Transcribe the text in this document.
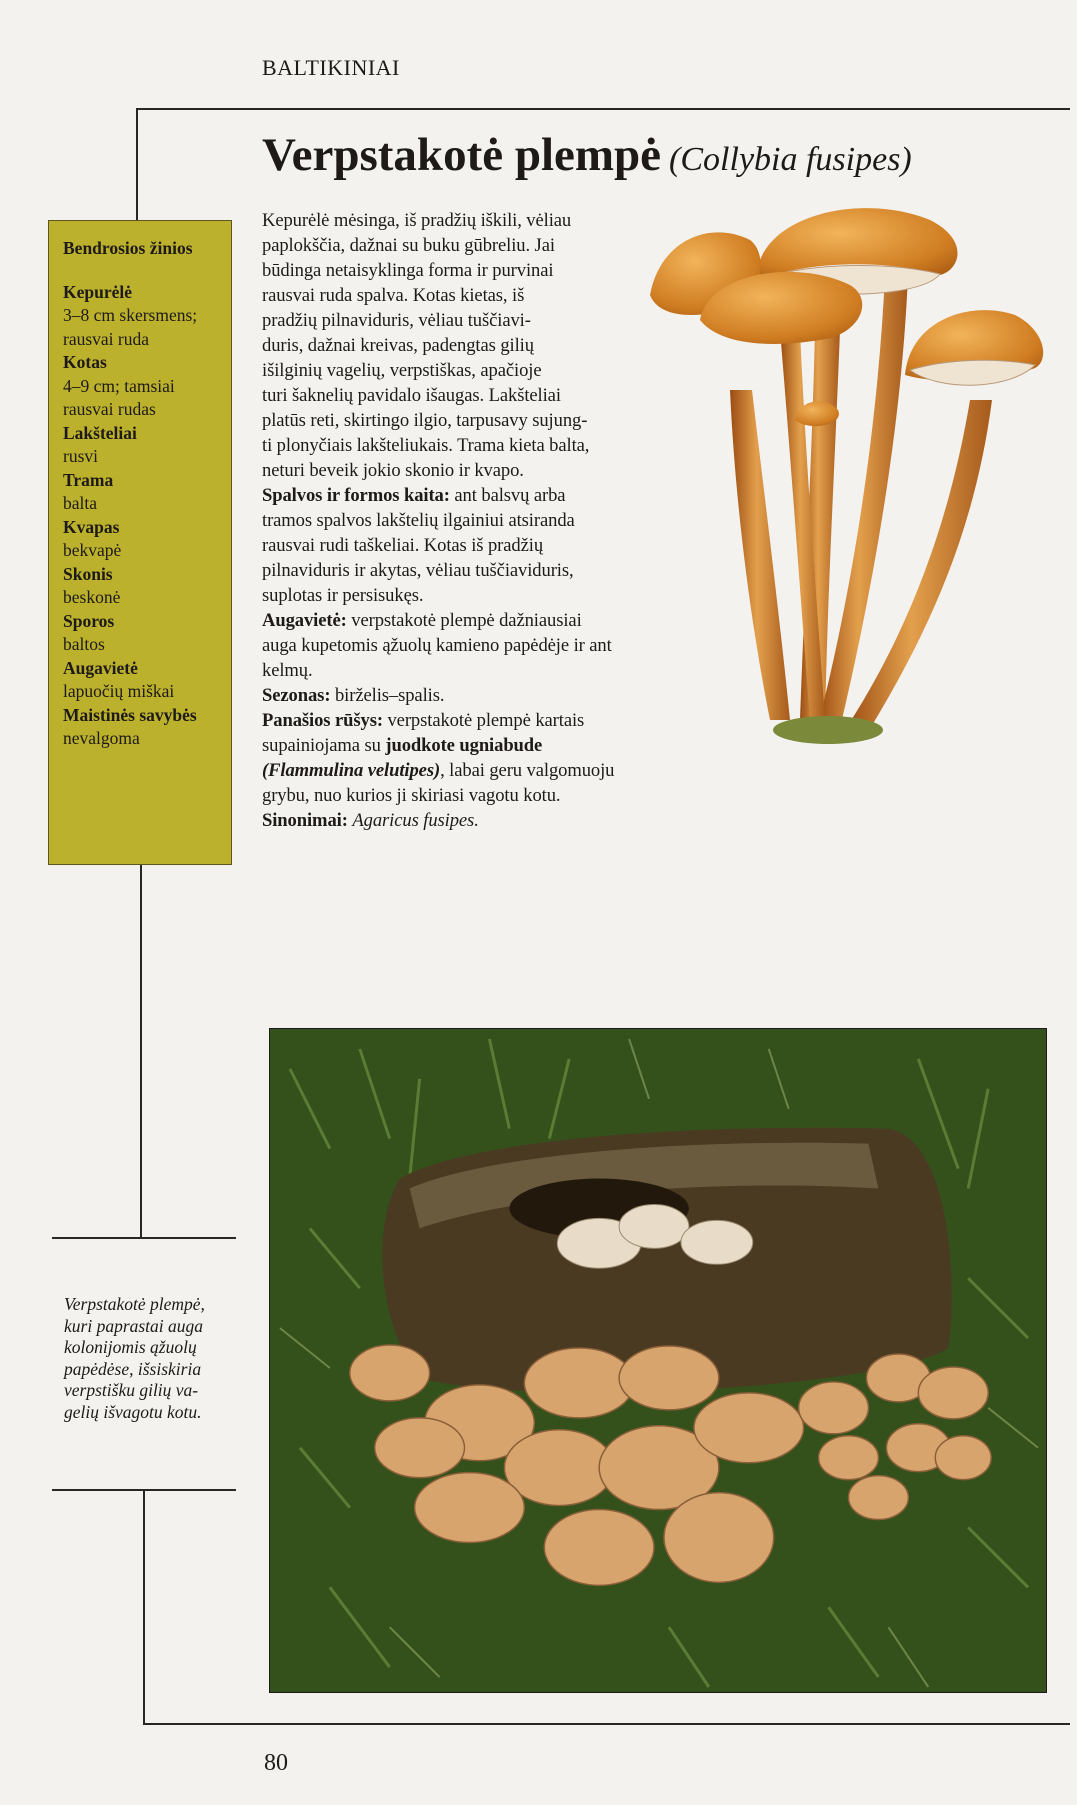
BALTIKINIAI
Verpstakotė plempė (Collybia fusipes)
Bendrosios žinios
Kepurėlė
3–8 cm skersmens;
rausvai ruda
Kotas
4–9 cm; tamsiai
rausvai rudas
Lakšteliai
rusvi
Trama
balta
Kvapas
bekvapė
Skonis
beskonė
Sporos
baltos
Augavietė
lapuočių miškai
Maistinės savybės
nevalgoma
Kepurėlė mėsinga, iš pradžių iškili, vėliau
paplokščia, dažnai su buku gūbreliu. Jai
būdinga netaisyklinga forma ir purvinai
rausvai ruda spalva. Kotas kietas, iš
pradžių pilnaviduris, vėliau tuščiavi-
duris, dažnai kreivas, padengtas gilių
išilginių vagelių, verpstiškas, apačioje
turi šaknelių pavidalo išaugas. Lakšteliai
platūs reti, skirtingo ilgio, tarpusavy sujung-
ti plonyčiais lakšteliukais. Trama kieta balta,
neturi beveik jokio skonio ir kvapo.
Spalvos ir formos kaita: ant balsvų arba
tramos spalvos lakštelių ilgainiui atsiranda
rausvai rudi taškeliai. Kotas iš pradžių
pilnaviduris ir akytas, vėliau tuščiaviduris,
suplotas ir persisukęs.
Augavietė: verpstakotė plempė dažniausiai
auga kupetomis ąžuolų kamieno papėdėje ir ant
kelmų.
Sezonas: birželis–spalis.
Panašios rūšys: verpstakotė plempė kartais
supainiojama su juodkote ugniabude
(Flammulina velutipes), labai geru valgomuoju
grybu, nuo kurios ji skiriasi vagotu kotu.
Sinonimai: Agaricus fusipes.
Verpstakotė plempė,
kuri paprastai auga
kolonijomis ąžuolų
papėdėse, išsiskiria
verpstišku gilių va-
gelių išvagotu kotu.
80
